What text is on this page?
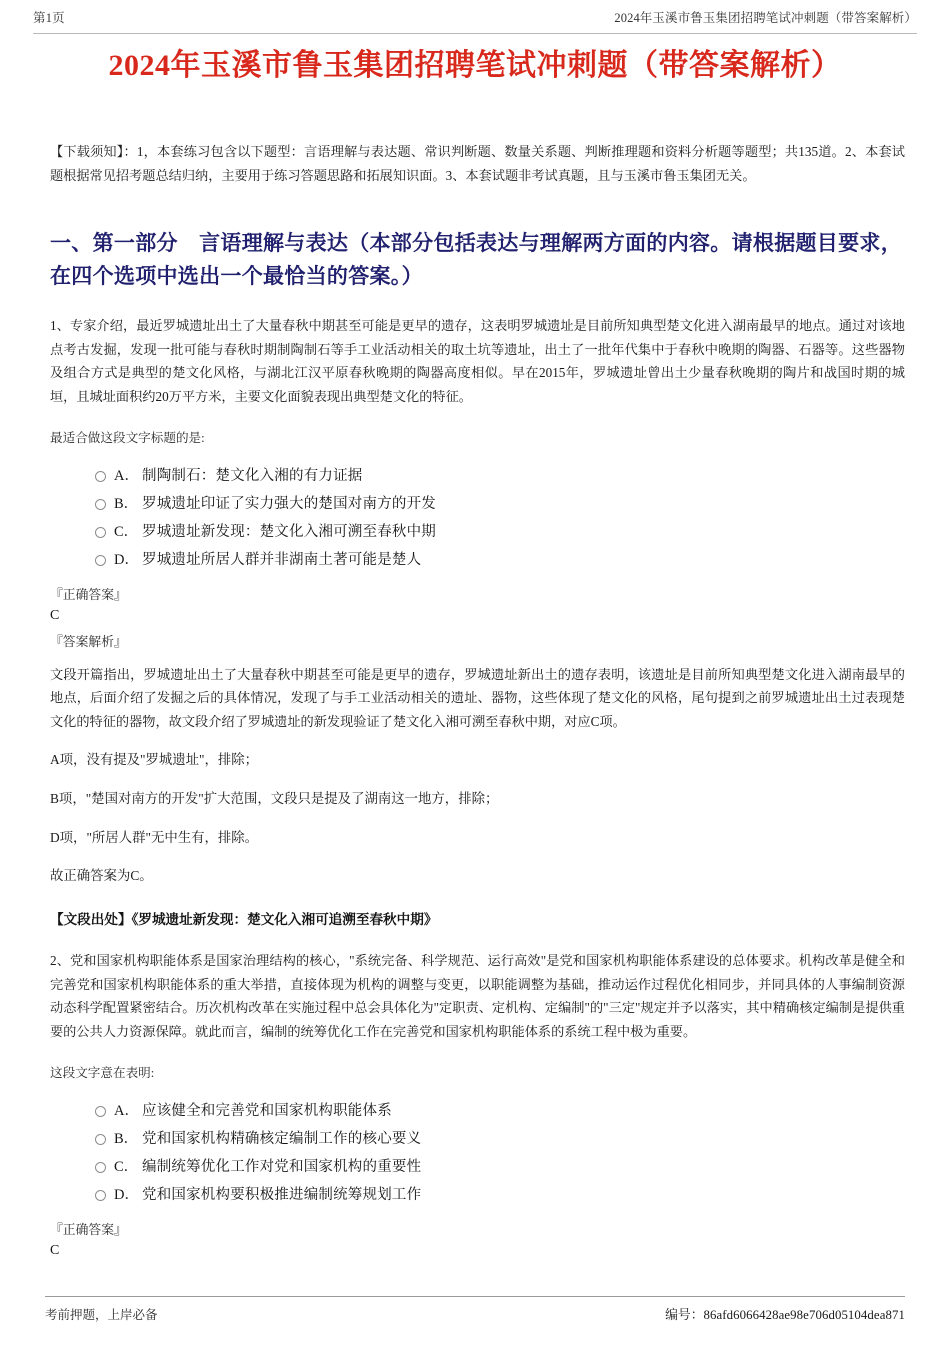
第1页	2024年玉溪市鲁玉集团招聘笔试冲刺题（带答案解析）
2024年玉溪市鲁玉集团招聘笔试冲刺题（带答案解析）

【下载须知】：1，本套练习包含以下题型：言语理解与表达题、常识判断题、数量关系题、判断推理题和资料分析题等题型；共135道。2、本套试题根据常见招考题总结归纳，主要用于练习答题思路和拓展知识面。3、本套试题非考试真题，且与玉溪市鲁玉集团无关。

一、第一部分　言语理解与表达（本部分包括表达与理解两方面的内容。请根据题目要求，在四个选项中选出一个最恰当的答案。）

1、专家介绍，最近罗城遗址出土了大量春秋中期甚至可能是更早的遗存，这表明罗城遗址是目前所知典型楚文化进入湖南最早的地点。通过对该地点考古发掘，发现一批可能与春秋时期制陶制石等手工业活动相关的取土坑等遗址，出土了一批年代集中于春秋中晚期的陶器、石器等。这些器物及组合方式是典型的楚文化风格，与湖北江汉平原春秋晚期的陶器高度相似。早在2015年，罗城遗址曾出土少量春秋晚期的陶片和战国时期的城垣，且城址面积约20万平方米，主要文化面貌表现出典型楚文化的特征。

最适合做这段文字标题的是:

A． 制陶制石：楚文化入湘的有力证据
B． 罗城遗址印证了实力强大的楚国对南方的开发
C． 罗城遗址新发现：楚文化入湘可溯至春秋中期
D． 罗城遗址所居人群并非湖南土著可能是楚人

『正确答案』

C

『答案解析』

文段开篇指出，罗城遗址出土了大量春秋中期甚至可能是更早的遗存，罗城遗址新出土的遗存表明，该遗址是目前所知典型楚文化进入湖南最早的地点，后面介绍了发掘之后的具体情况，发现了与手工业活动相关的遗址、器物，这些体现了楚文化的风格，尾句提到之前罗城遗址出土过表现楚文化的特征的器物，故文段介绍了罗城遗址的新发现验证了楚文化入湘可溯至春秋中期，对应C项。

A项，没有提及"罗城遗址"，排除；

B项，"楚国对南方的开发"扩大范围，文段只是提及了湖南这一地方，排除；

D项，"所居人群"无中生有，排除。

故正确答案为C。

【文段出处】《罗城遗址新发现：楚文化入湘可追溯至春秋中期》

2、党和国家机构职能体系是国家治理结构的核心，"系统完备、科学规范、运行高效"是党和国家机构职能体系建设的总体要求。机构改革是健全和完善党和国家机构职能体系的重大举措，直接体现为机构的调整与变更，以职能调整为基础，推动运作过程优化相同步，并同具体的人事编制资源动态科学配置紧密结合。历次机构改革在实施过程中总会具体化为"定职责、定机构、定编制"的"三定"规定并予以落实，其中精确核定编制是提供重要的公共人力资源保障。就此而言，编制的统筹优化工作在完善党和国家机构职能体系的系统工程中极为重要。

这段文字意在表明:

A． 应该健全和完善党和国家机构职能体系
B． 党和国家机构精确核定编制工作的核心要义
C． 编制统筹优化工作对党和国家机构的重要性
D． 党和国家机构要积极推进编制统筹规划工作

『正确答案』

C

考前押题，上岸必备	编号：86afd6066428ae98e706d05104dea871
